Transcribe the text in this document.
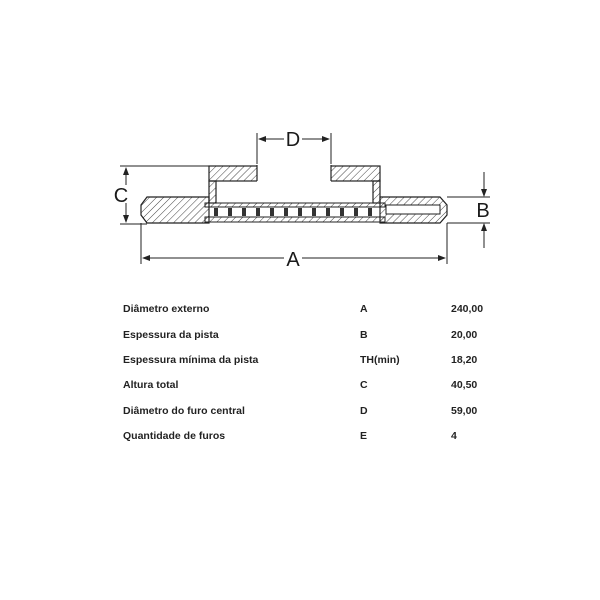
D
C
B
A
Diâmetro externo	A	240,00
Espessura da pista	B	20,00
Espessura mínima da pista	TH(min)	18,20
Altura total	C	40,50
Diâmetro do furo central	D	59,00
Quantidade de furos	E	4
